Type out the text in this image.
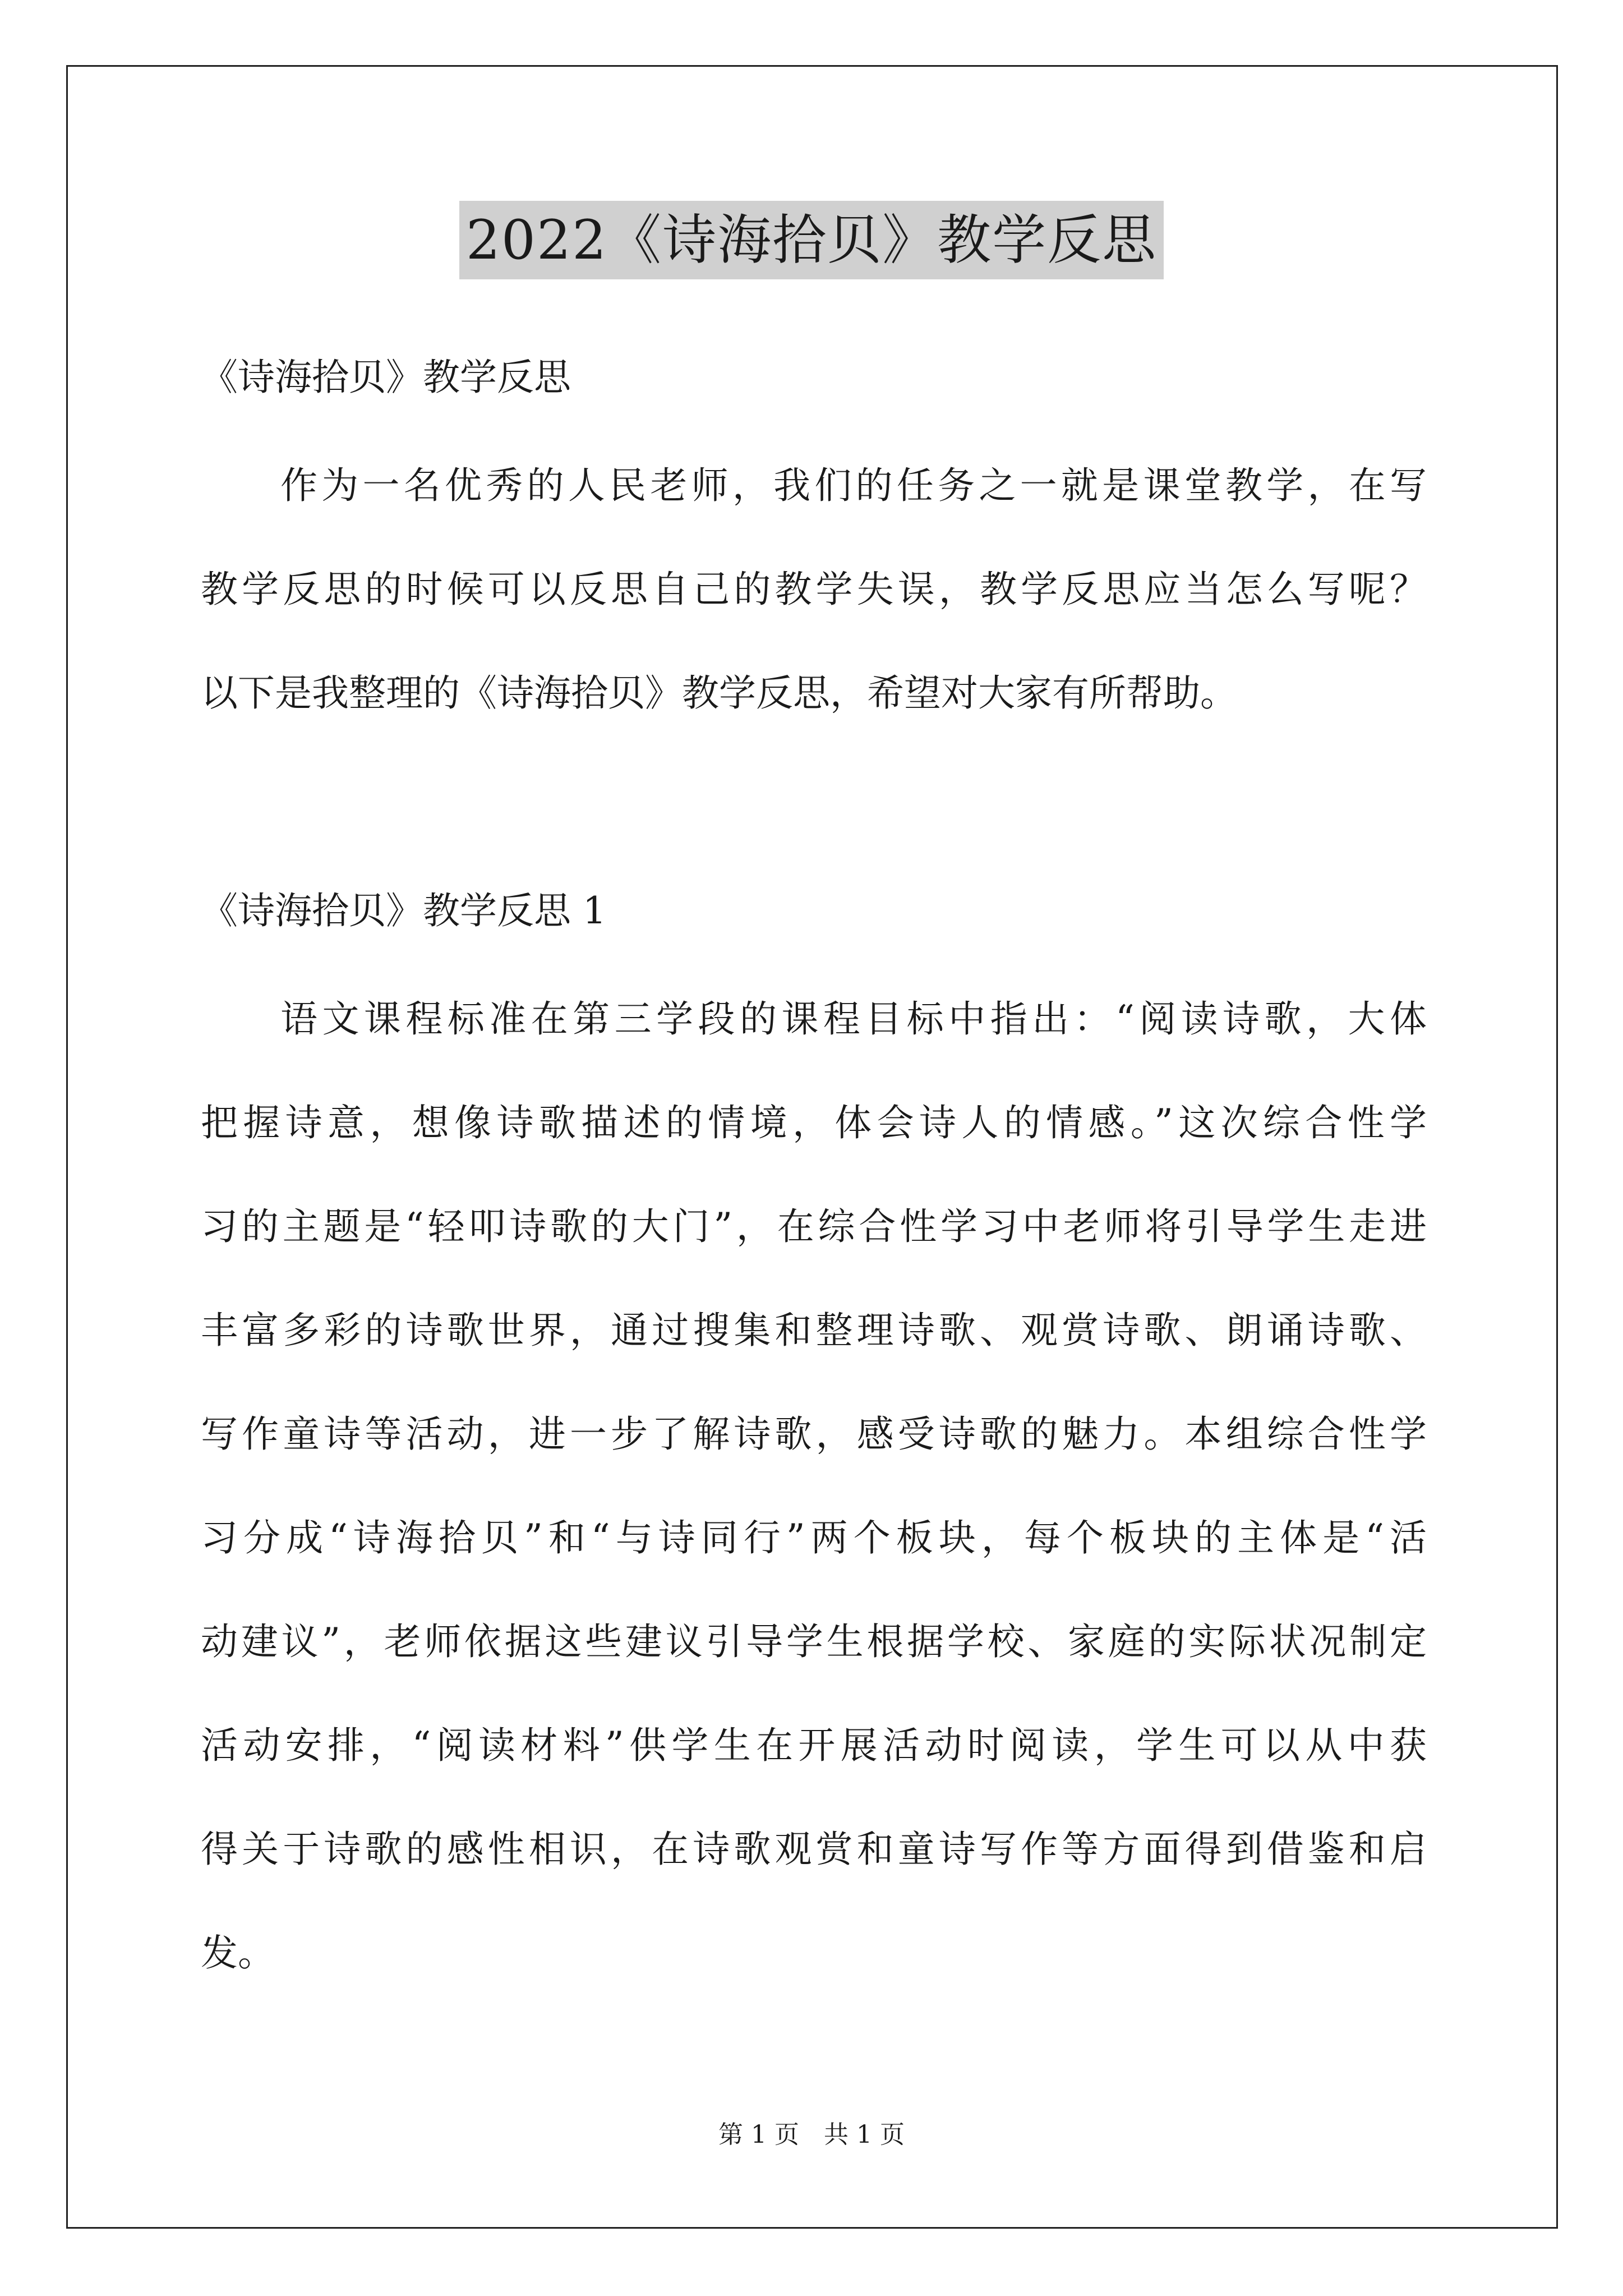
2022《诗海拾贝》教学反思
《诗海拾贝》教学反思
作为一名优秀的人民老师，我们的任务之一就是课堂教学，在写
教学反思的时候可以反思自己的教学失误，教学反思应当怎么写呢？
以下是我整理的《诗海拾贝》教学反思，希望对大家有所帮助。
《诗海拾贝》教学反思 1
语文课程标准在第三学段的课程目标中指出：“阅读诗歌，大体
把握诗意，想像诗歌描述的情境，体会诗人的情感。”这次综合性学
习的主题是“轻叩诗歌的大门”，在综合性学习中老师将引导学生走进
丰富多彩的诗歌世界，通过搜集和整理诗歌、观赏诗歌、朗诵诗歌、
写作童诗等活动，进一步了解诗歌，感受诗歌的魅力。本组综合性学
习分成“诗海拾贝”和“与诗同行”两个板块，每个板块的主体是“活
动建议”，老师依据这些建议引导学生根据学校、家庭的实际状况制定
活动安排，“阅读材料”供学生在开展活动时阅读，学生可以从中获
得关于诗歌的感性相识，在诗歌观赏和童诗写作等方面得到借鉴和启
发。
第 1 页　共 1 页
